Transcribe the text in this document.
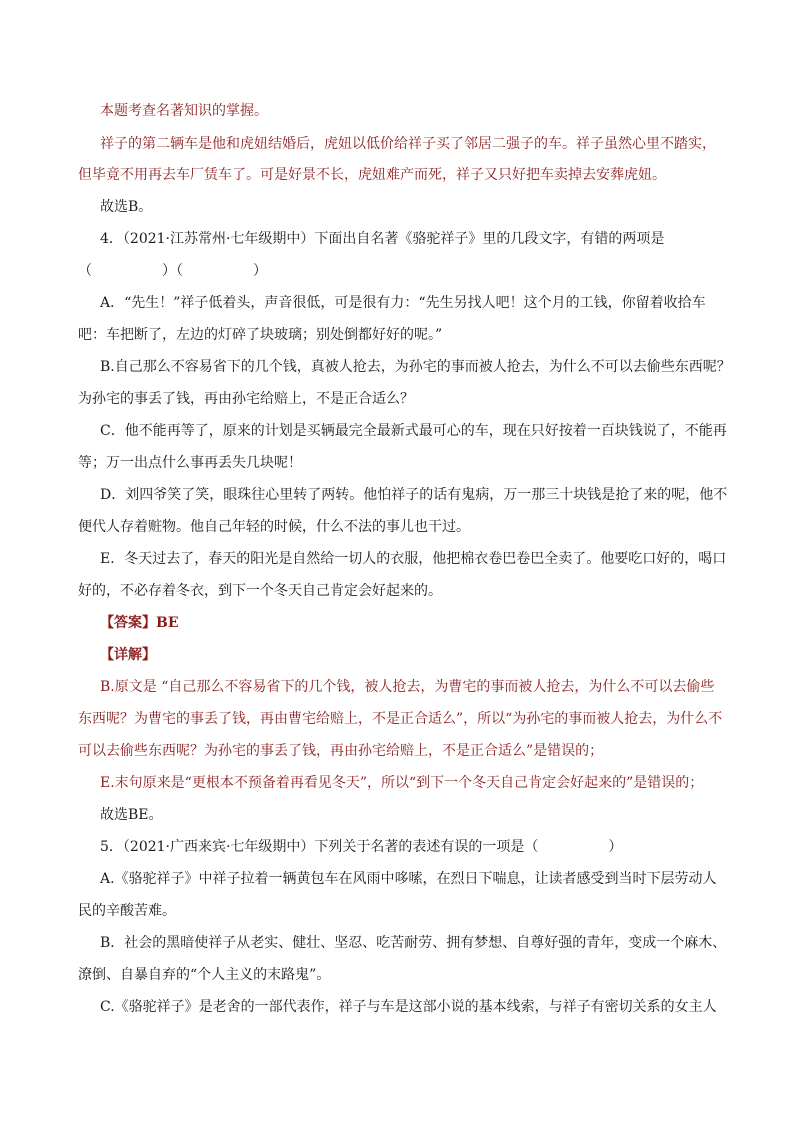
本题考查名著知识的掌握。
祥子的第二辆车是他和虎妞结婚后，虎妞以低价给祥子买了邻居二强子的车。祥子虽然心里不踏实，
但毕竟不用再去车厂赁车了。可是好景不长，虎妞难产而死，祥子又只好把车卖掉去安葬虎妞。
故选B。
4．（2021·江苏常州·七年级期中）下面出自名著《骆驼祥子》里的几段文字，有错的两项是
（　　　　　）（　　　　　）
A．“先生！”祥子低着头，声音很低，可是很有力：“先生另找人吧！这个月的工钱，你留着收拾车
吧：车把断了，左边的灯碎了块玻璃；别处倒都好好的呢。”
B.自己那么不容易省下的几个钱，真被人抢去，为孙宅的事而被人抢去，为什么不可以去偷些东西呢？
为孙宅的事丢了钱，再由孙宅给赔上，不是正合适么？
C．他不能再等了，原来的计划是买辆最完全最新式最可心的车，现在只好按着一百块钱说了，不能再
等；万一出点什么事再丢失几块呢！
D．刘四爷笑了笑，眼珠往心里转了两转。他怕祥子的话有鬼病，万一那三十块钱是抢了来的呢，他不
便代人存着赃物。他自己年轻的时候，什么不法的事儿也干过。
E．冬天过去了，春天的阳光是自然给一切人的衣服，他把棉衣卷巴卷巴全卖了。他要吃口好的，喝口
好的，不必存着冬衣，到下一个冬天自己肯定会好起来的。
【答案】BE
【详解】
B.原文是 “自己那么不容易省下的几个钱，被人抢去，为曹宅的事而被人抢去，为什么不可以去偷些
东西呢？为曹宅的事丢了钱，再由曹宅给赔上，不是正合适么”，所以“为孙宅的事而被人抢去，为什么不
可以去偷些东西呢？为孙宅的事丢了钱，再由孙宅给赔上，不是正合适么”是错误的；
E.末句原来是“更根本不预备着再看见冬天”，所以“到下一个冬天自己肯定会好起来的”是错误的；
故选BE。
5．（2021·广西来宾·七年级期中）下列关于名著的表述有误的一项是（　　　　　）
A.《骆驼祥子》中祥子拉着一辆黄包车在风雨中哆嗦，在烈日下喘息，让读者感受到当时下层劳动人
民的辛酸苦难。
B．社会的黑暗使祥子从老实、健壮、坚忍、吃苦耐劳、拥有梦想、自尊好强的青年，变成一个麻木、
潦倒、自暴自弃的“个人主义的末路鬼”。
C.《骆驼祥子》是老舍的一部代表作，祥子与车是这部小说的基本线索，与祥子有密切关系的女主人
